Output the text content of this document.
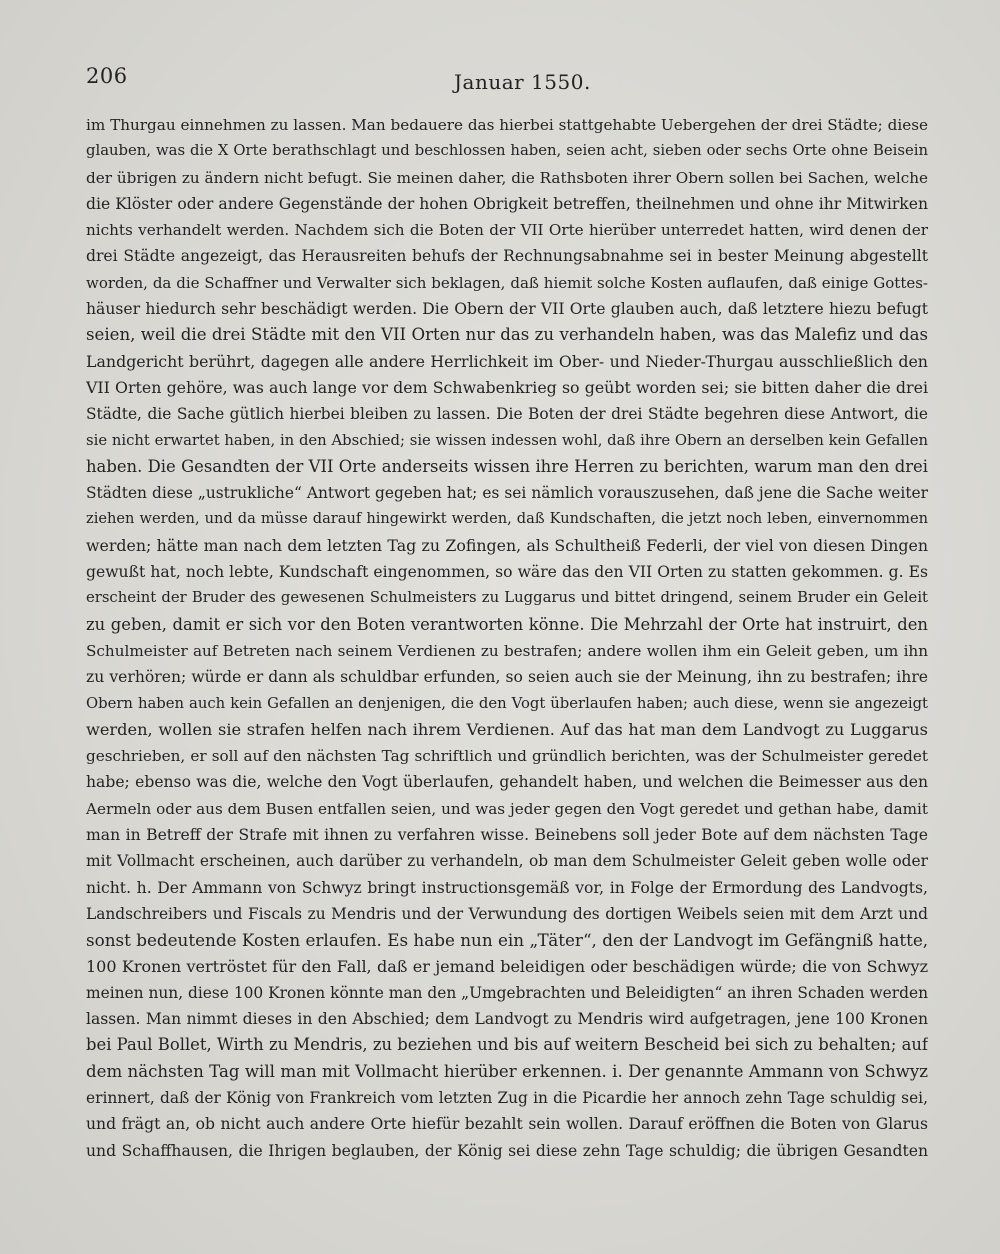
206	Januar 1550.
im Thurgau einnehmen zu lassen. Man bedauere das hierbei stattgehabte Uebergehen der drei Städte; diese
glauben, was die X Orte berathschlagt und beschlossen haben, seien acht, sieben oder sechs Orte ohne Beisein
der übrigen zu ändern nicht befugt. Sie meinen daher, die Rathsboten ihrer Obern sollen bei Sachen, welche
die Klöster oder andere Gegenstände der hohen Obrigkeit betreffen, theilnehmen und ohne ihr Mitwirken
nichts verhandelt werden. Nachdem sich die Boten der VII Orte hierüber unterredet hatten, wird denen der
drei Städte angezeigt, das Herausreiten behufs der Rechnungsabnahme sei in bester Meinung abgestellt
worden, da die Schaffner und Verwalter sich beklagen, daß hiemit solche Kosten auflaufen, daß einige Gottes-
häuser hiedurch sehr beschädigt werden. Die Obern der VII Orte glauben auch, daß letztere hiezu befugt
seien, weil die drei Städte mit den VII Orten nur das zu verhandeln haben, was das Malefiz und das
Landgericht berührt, dagegen alle andere Herrlichkeit im Ober- und Nieder-Thurgau ausschließlich den
VII Orten gehöre, was auch lange vor dem Schwabenkrieg so geübt worden sei; sie bitten daher die drei
Städte, die Sache gütlich hierbei bleiben zu lassen. Die Boten der drei Städte begehren diese Antwort, die
sie nicht erwartet haben, in den Abschied; sie wissen indessen wohl, daß ihre Obern an derselben kein Gefallen
haben. Die Gesandten der VII Orte anderseits wissen ihre Herren zu berichten, warum man den drei
Städten diese „ustrukliche“ Antwort gegeben hat; es sei nämlich vorauszusehen, daß jene die Sache weiter
ziehen werden, und da müsse darauf hingewirkt werden, daß Kundschaften, die jetzt noch leben, einvernommen
werden; hätte man nach dem letzten Tag zu Zofingen, als Schultheiß Federli, der viel von diesen Dingen
gewußt hat, noch lebte, Kundschaft eingenommen, so wäre das den VII Orten zu statten gekommen. g. Es
erscheint der Bruder des gewesenen Schulmeisters zu Luggarus und bittet dringend, seinem Bruder ein Geleit
zu geben, damit er sich vor den Boten verantworten könne. Die Mehrzahl der Orte hat instruirt, den
Schulmeister auf Betreten nach seinem Verdienen zu bestrafen; andere wollen ihm ein Geleit geben, um ihn
zu verhören; würde er dann als schuldbar erfunden, so seien auch sie der Meinung, ihn zu bestrafen; ihre
Obern haben auch kein Gefallen an denjenigen, die den Vogt überlaufen haben; auch diese, wenn sie angezeigt
werden, wollen sie strafen helfen nach ihrem Verdienen. Auf das hat man dem Landvogt zu Luggarus
geschrieben, er soll auf den nächsten Tag schriftlich und gründlich berichten, was der Schulmeister geredet
habe; ebenso was die, welche den Vogt überlaufen, gehandelt haben, und welchen die Beimesser aus den
Aermeln oder aus dem Busen entfallen seien, und was jeder gegen den Vogt geredet und gethan habe, damit
man in Betreff der Strafe mit ihnen zu verfahren wisse. Beinebens soll jeder Bote auf dem nächsten Tage
mit Vollmacht erscheinen, auch darüber zu verhandeln, ob man dem Schulmeister Geleit geben wolle oder
nicht. h. Der Ammann von Schwyz bringt instructionsgemäß vor, in Folge der Ermordung des Landvogts,
Landschreibers und Fiscals zu Mendris und der Verwundung des dortigen Weibels seien mit dem Arzt und
sonst bedeutende Kosten erlaufen. Es habe nun ein „Täter“, den der Landvogt im Gefängniß hatte,
100 Kronen vertröstet für den Fall, daß er jemand beleidigen oder beschädigen würde; die von Schwyz
meinen nun, diese 100 Kronen könnte man den „Umgebrachten und Beleidigten“ an ihren Schaden werden
lassen. Man nimmt dieses in den Abschied; dem Landvogt zu Mendris wird aufgetragen, jene 100 Kronen
bei Paul Bollet, Wirth zu Mendris, zu beziehen und bis auf weitern Bescheid bei sich zu behalten; auf
dem nächsten Tag will man mit Vollmacht hierüber erkennen. i. Der genannte Ammann von Schwyz
erinnert, daß der König von Frankreich vom letzten Zug in die Picardie her annoch zehn Tage schuldig sei,
und frägt an, ob nicht auch andere Orte hiefür bezahlt sein wollen. Darauf eröffnen die Boten von Glarus
und Schaffhausen, die Ihrigen beglauben, der König sei diese zehn Tage schuldig; die übrigen Gesandten
